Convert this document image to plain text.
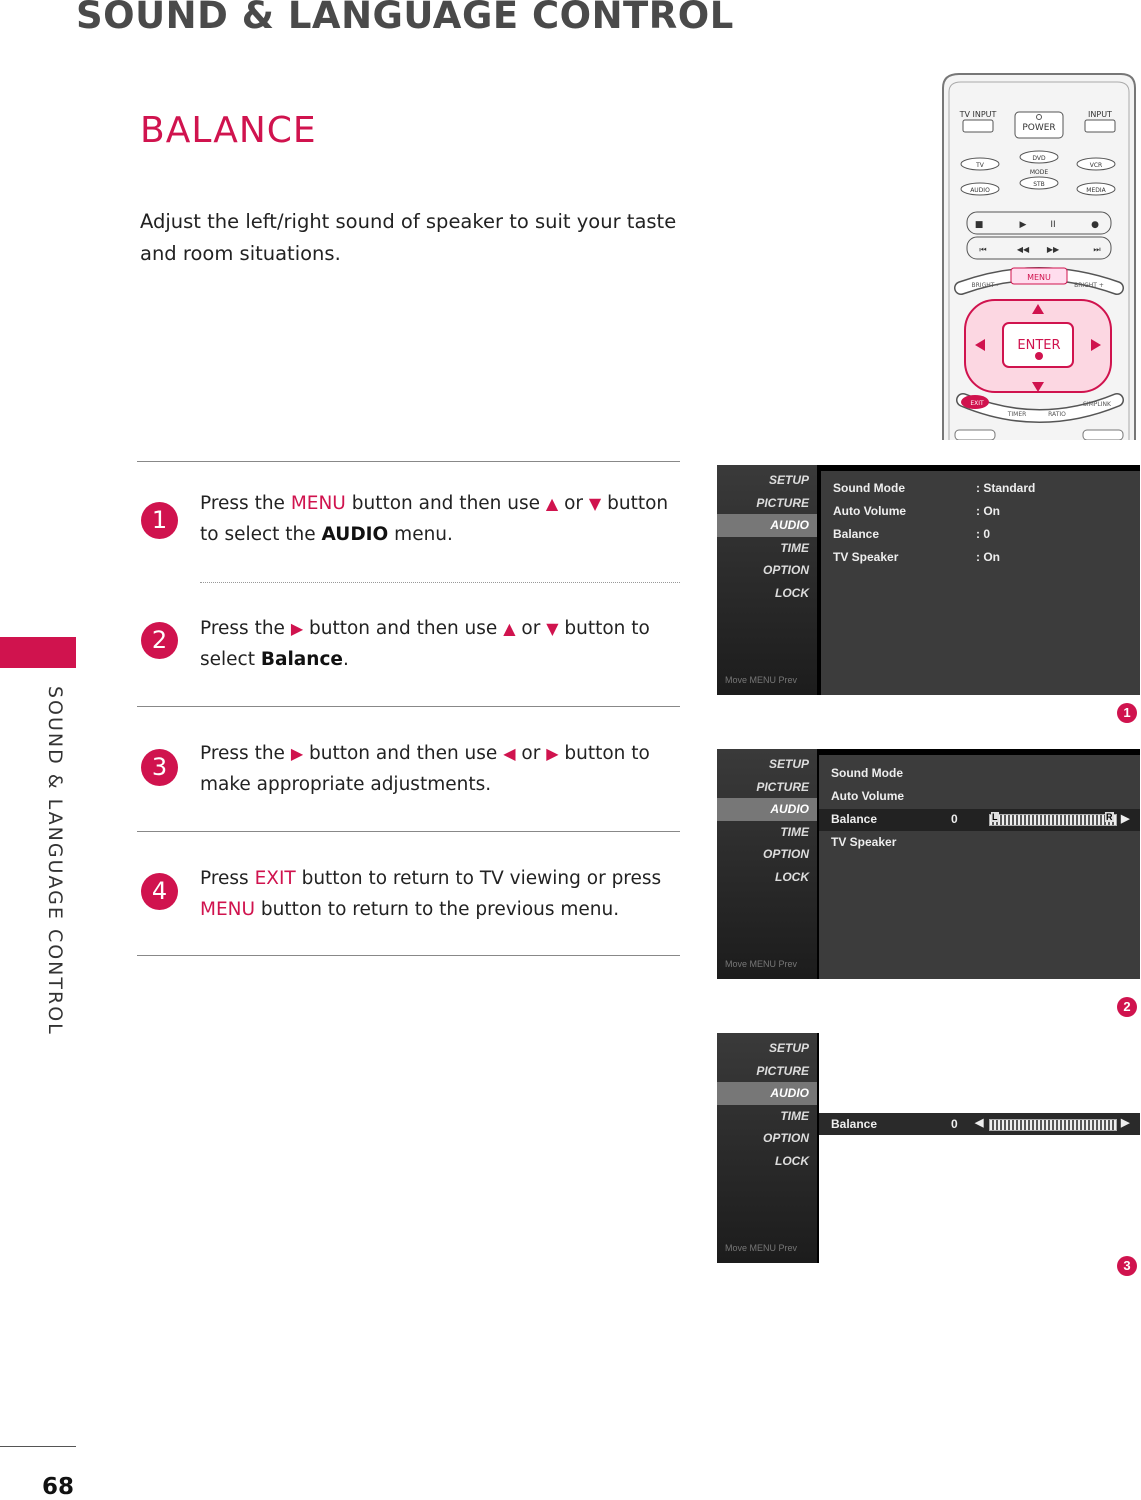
SOUND & LANGUAGE CONTROL
BALANCE
Adjust the left/right sound of speaker to suit your taste and room situations.
1
Press the MENU button and then use ▲ or ▼ button to select the AUDIO menu.
2	Press the ▶ button and then use ▲ or ▼ button to select Balance.
3	Press the ▶ button and then use ◀ or ▶ button to make appropriate adjustments.
4	Press EXIT button to return to TV viewing or press MENU button to return to the previous menu.
SOUND & LANGUAGE CONTROL
68
■	▶	II	●
⏮	◀◀ ▶▶	⏭
TV INPUT
POWER
INPUT
TV
DVD
VCR
MODE
AUDIO
STB
MEDIA
MENU
BRIGHT -	BRIGHT +
ENTER
EXIT
TIMER	RATIO
SIMPLINK
SETUP
PICTURE
AUDIO
TIME
OPTION
LOCK
Move MENU Prev
Sound Mode	: Standard
Auto Volume	: On
Balance	: 0
TV Speaker	: On
1
SETUP
PICTURE
AUDIO
TIME
OPTION
LOCK
Move MENU Prev
Sound Mode
Auto Volume
Balance	0	L	R ▶
TV Speaker
2
SETUP
PICTURE
AUDIO
TIME
OPTION
LOCK
Move MENU Prev
Balance	0 ◀	▶
3
